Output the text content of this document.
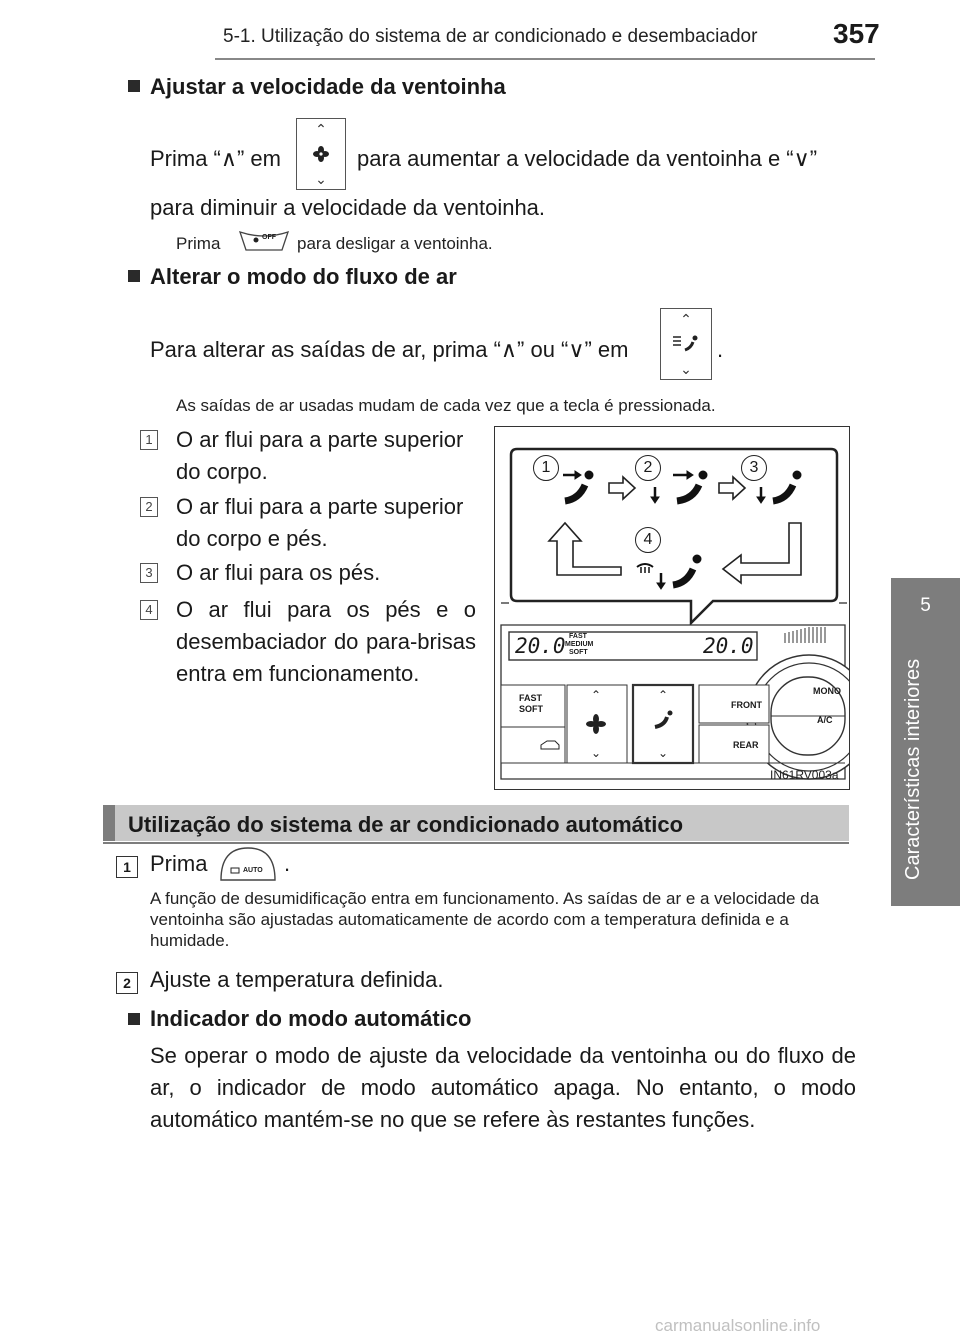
5-1. Utilização do sistema de ar condicionado e desembaciador	357
5
Características interiores
Ajustar a velocidade da ventoinha
Prima “∧” em
⌃
⌄
para aumentar a velocidade da ventoinha e “∨”
para diminuir a velocidade da ventoinha.
Prima	OFF para desligar a ventoinha.
Alterar o modo do fluxo de ar
Para alterar as saídas de ar, prima “∧” ou “∨” em
⌃
⌄
.
As saídas de ar usadas mudam de cada vez que a tecla é pressionada.
1 O ar flui para a parte superior do corpo.
2 O ar flui para a parte superior do corpo e pés.
3 O ar flui para os pés.
4 O ar flui para os pés e o desembaciador do para-brisas entra em funcionamento.
⌃
⌄
⌃
⌄
1	2	3
4
20.0 FAST
MEDIUM
SOFT	20.0
FAST
SOFT	FRONT
REAR
MONO
A/C
IN61RV003a
Utilização do sistema de ar condicionado automático
1 Prima	AUTO .
A função de desumidificação entra em funcionamento. As saídas de ar e a velocidade da ventoinha são ajustadas automaticamente de acordo com a temperatura definida e a humidade.
2 Ajuste a temperatura definida.
Indicador do modo automático
Se operar o modo de ajuste da velocidade da ventoinha ou do fluxo de ar, o indicador de modo automático apaga. No entanto, o modo automático mantém-se no que se refere às restantes funções.
carmanualsonline.info
